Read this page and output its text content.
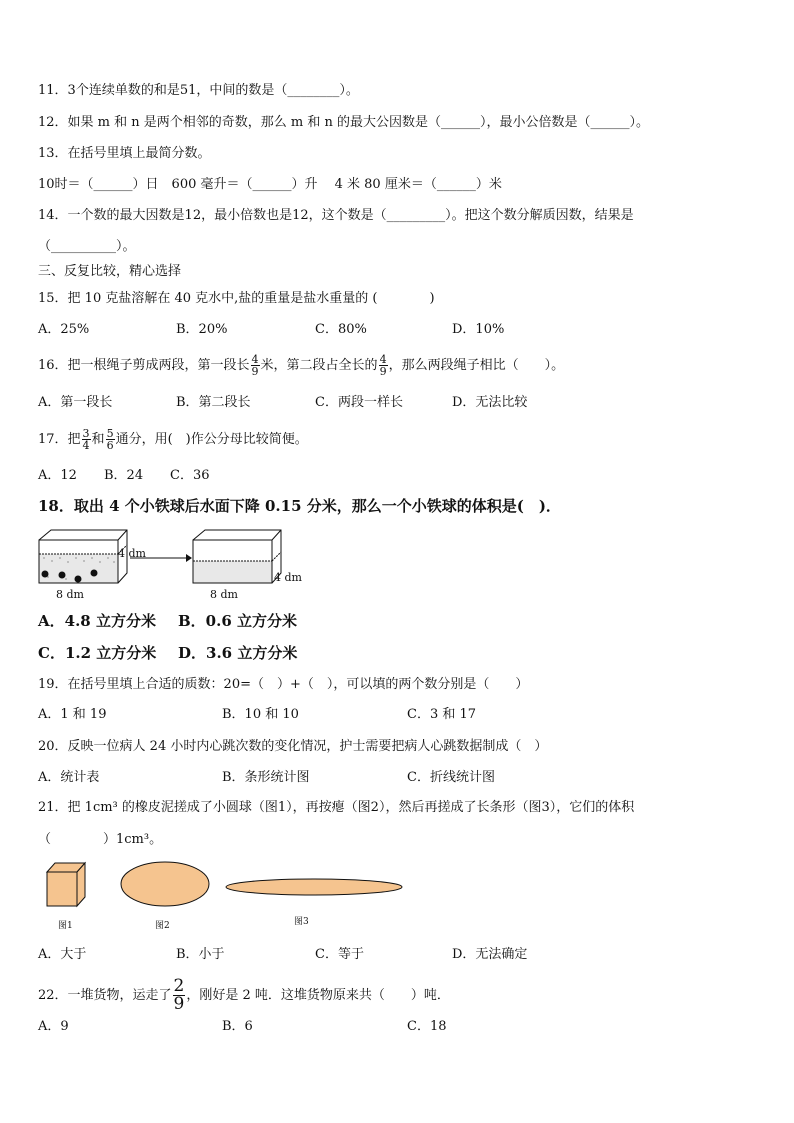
11．3个连续单数的和是51，中间的数是（________）。
12．如果 m 和 n 是两个相邻的奇数，那么 m 和 n 的最大公因数是（______），最小公倍数是（______）。
13．在括号里填上最简分数。
10时＝（______）日　600 毫升＝（______）升　 4 米 80 厘米＝（______）米
14．一个数的最大因数是12，最小倍数也是12，这个数是（_________）。把这个数分解质因数，结果是
（__________）。
三、反复比较，精心选择
15．把 10 克盐溶解在 40 克水中,盐的重量是盐水重量的 (　　　　)
A．25%	B．20%	C．80%	D．10%
16．把一根绳子剪成两段，第一段长 $\frac{4}{9}$ 米，第二段占全长的 $\frac{4}{9}$ ，那么两段绳子相比（　　）。
A．第一段长	B．第二段长	C．两段一样长	D．无法比较
17．把 $\frac{3}{4}$ 和 $\frac{5}{6}$ 通分，用(　)作公分母比较简便。
A．12 B．24 C．36
18．取出 4 个小铁球后水面下降 0.15 分米，那么一个小铁球的体积是(　)．
4 dm
8 dm
4 dm
8 dm
A．4.8 立方分米 B．0.6 立方分米
C．1.2 立方分米 D．3.6 立方分米
19．在括号里填上合适的质数：20=（　）+（　），可以填的两个数分别是（　　）
A．1 和 19	B．10 和 10	C．3 和 17
20．反映一位病人 24 小时内心跳次数的变化情况，护士需要把病人心跳数据制成（　）
A．统计表	B．条形统计图	C．折线统计图
21．把 1cm³ 的橡皮泥搓成了小圆球（图1），再按瘪（图2），然后再搓成了长条形（图3），它们的体积
（　　　　）1cm³。
图1	图2	图3
A．大于	B．小于	C．等于	D．无法确定
22．一堆货物，运走了 $\frac{2}{9}$ ，刚好是 2 吨．这堆货物原来共（　　）吨．
A．9	B．6	C．18
